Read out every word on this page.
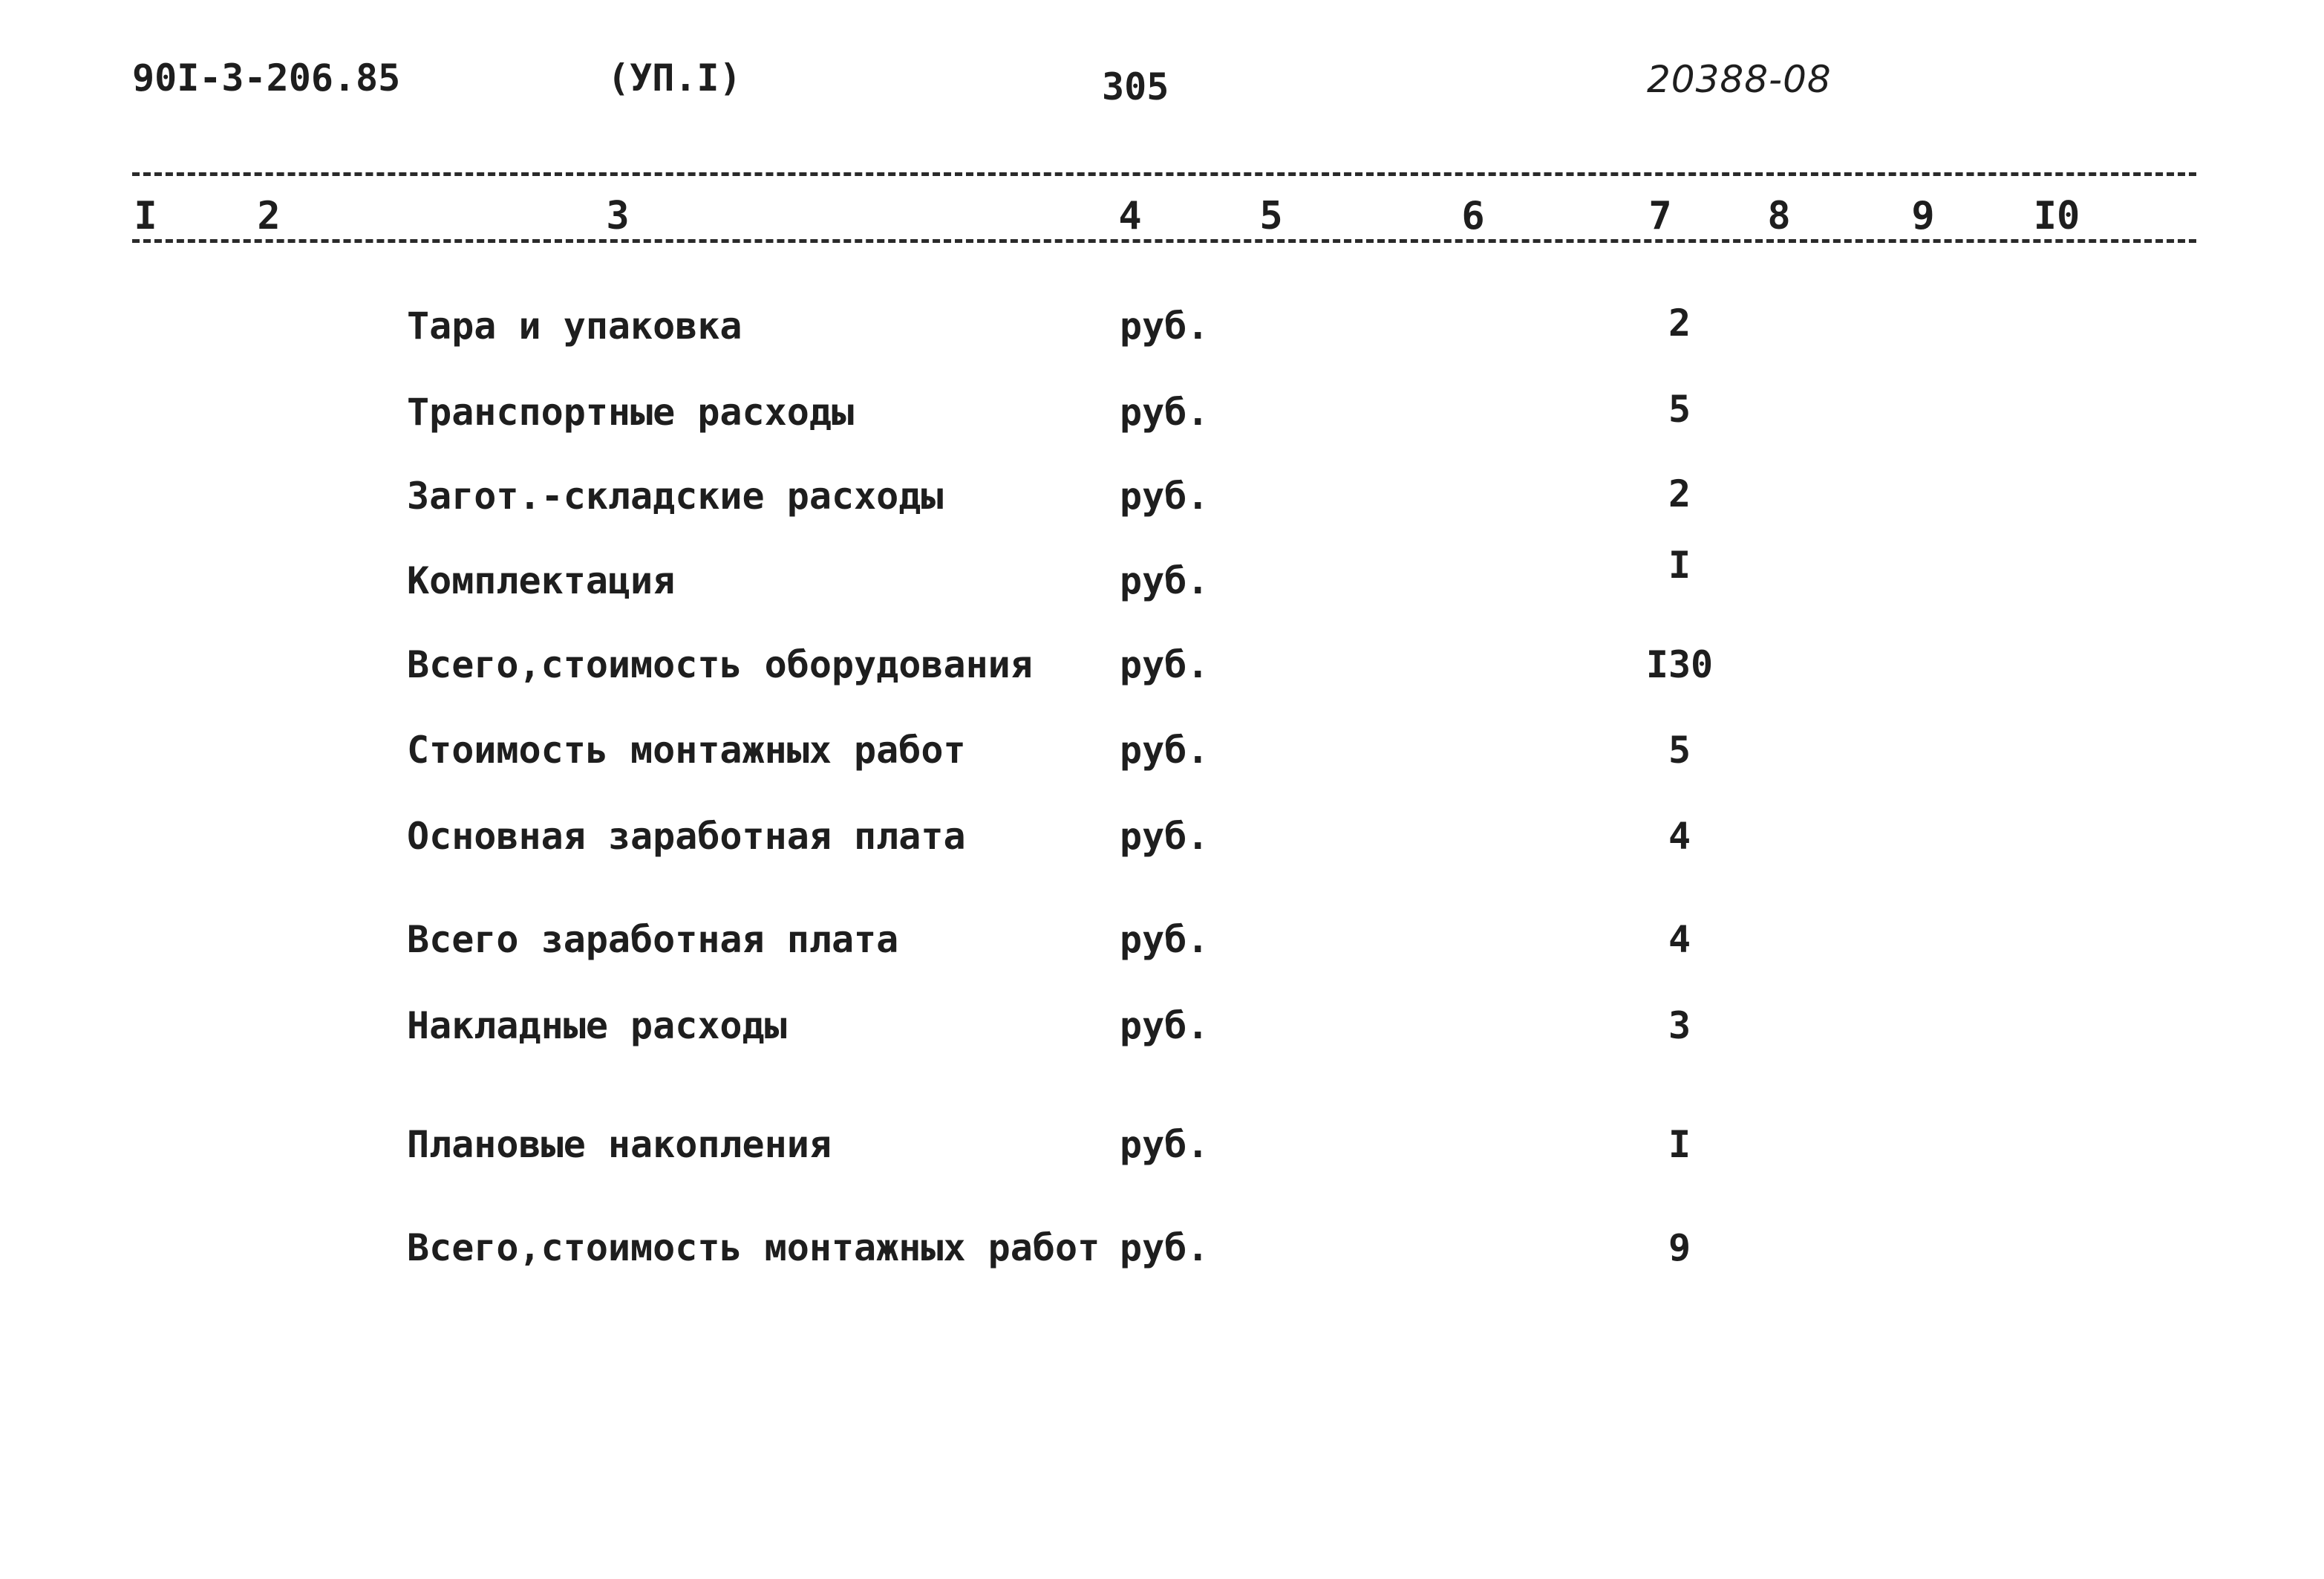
90I-3-206.85	(УП.I)	305	20388-08
I	2	3	4	5	6	7 8	9	I0
Тара и упаковка	руб.	2
Транспортные расходы	руб.	5
Загот.-складские расходы	руб.	2
Комплектация	руб.	I
Всего,стоимость оборудования руб.	I30
Стоимость монтажных работ	руб.	5
Основная заработная плата	руб.	4
Всего заработная плата	руб.	4
Накладные расходы	руб.	3
Плановые накопления	руб.	I
Всего,стоимость монтажных работ руб.	9
